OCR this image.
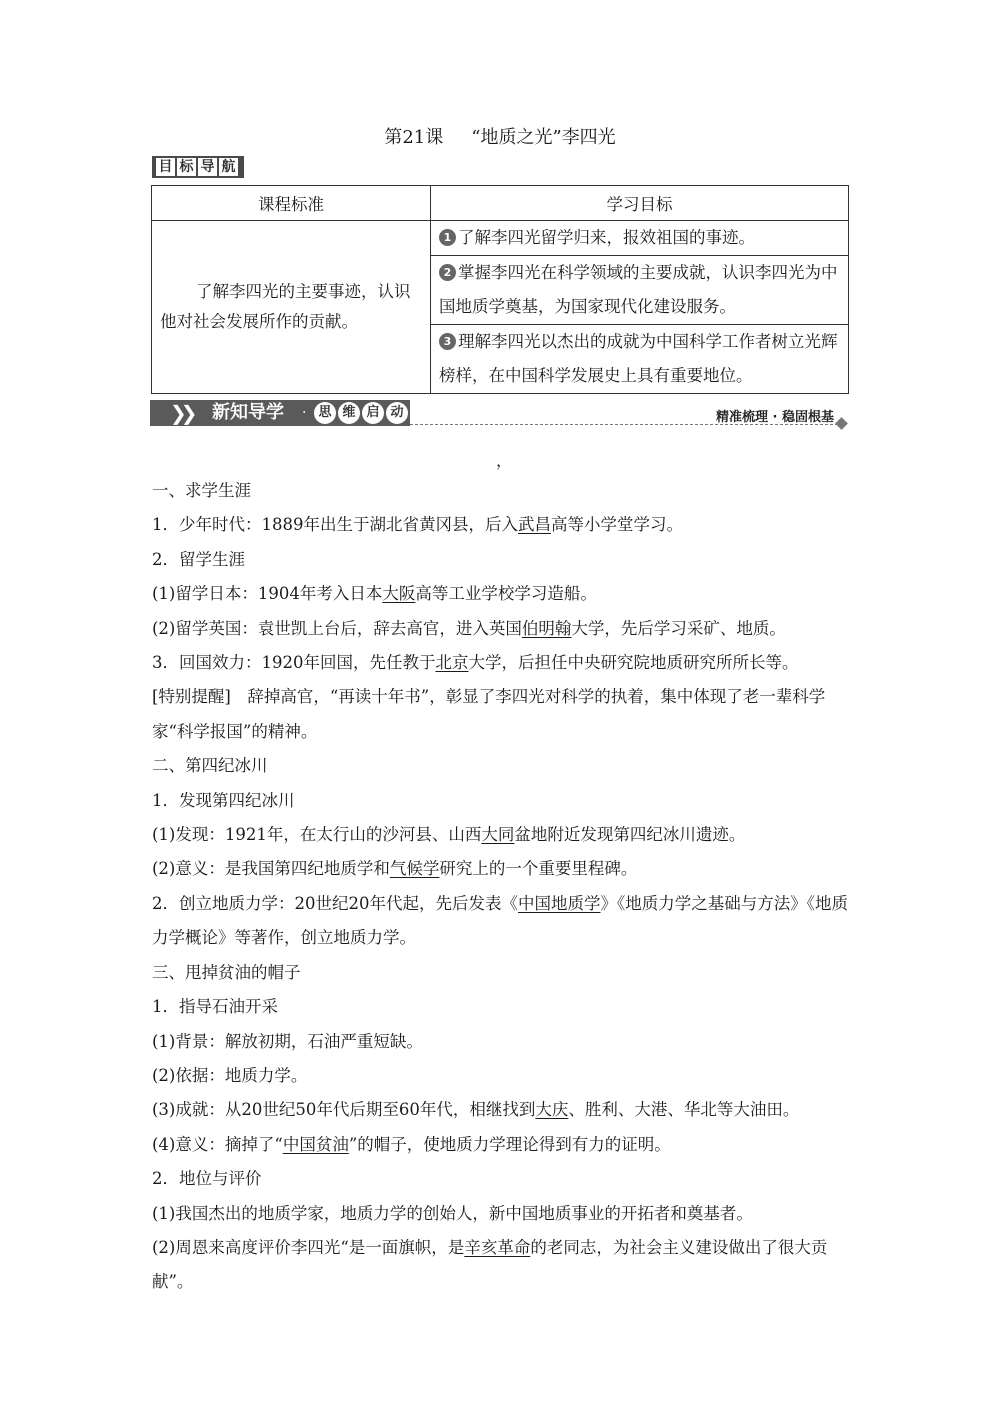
第21课 “地质之光”李四光
目 标 导 航
课程标准	学习目标
了解李四光的主要事迹，认识他对社会发展所作的贡献。	1 了解李四光留学归来，报效祖国的事迹。
	2 掌握李四光在科学领域的主要成就，认识李四光为中国地质学奠基，为国家现代化建设服务。
	3 理解李四光以杰出的成就为中国科学工作者树立光辉榜样，在中国科学发展史上具有重要地位。
❯❯ 新知导学 · 思 维 启 动	精准梳理 · 稳固根基
，

一、求学生涯

1．少年时代：1889年出生于湖北省黄冈县，后入武昌高等小学堂学习。

2．留学生涯

(1)留学日本：1904年考入日本大阪高等工业学校学习造船。

(2)留学英国：袁世凯上台后，辞去高官，进入英国伯明翰大学，先后学习采矿、地质。

3．回国效力：1920年回国，先任教于北京大学，后担任中央研究院地质研究所所长等。

[特别提醒]　辞掉高官，“再读十年书”，彰显了李四光对科学的执着，集中体现了老一辈科学家“科学报国”的精神。

二、第四纪冰川

1．发现第四纪冰川

(1)发现：1921年，在太行山的沙河县、山西大同盆地附近发现第四纪冰川遗迹。

(2)意义：是我国第四纪地质学和气候学研究上的一个重要里程碑。

2．创立地质力学：20世纪20年代起，先后发表《中国地质学》《地质力学之基础与方法》《地质力学概论》等著作，创立地质力学。

三、甩掉贫油的帽子

1．指导石油开采

(1)背景：解放初期，石油严重短缺。

(2)依据：地质力学。

(3)成就：从20世纪50年代后期至60年代，相继找到大庆、胜利、大港、华北等大油田。

(4)意义：摘掉了“中国贫油”的帽子，使地质力学理论得到有力的证明。

2．地位与评价

(1)我国杰出的地质学家，地质力学的创始人，新中国地质事业的开拓者和奠基者。

(2)周恩来高度评价李四光“是一面旗帜，是辛亥革命的老同志，为社会主义建设做出了很大贡献”。
